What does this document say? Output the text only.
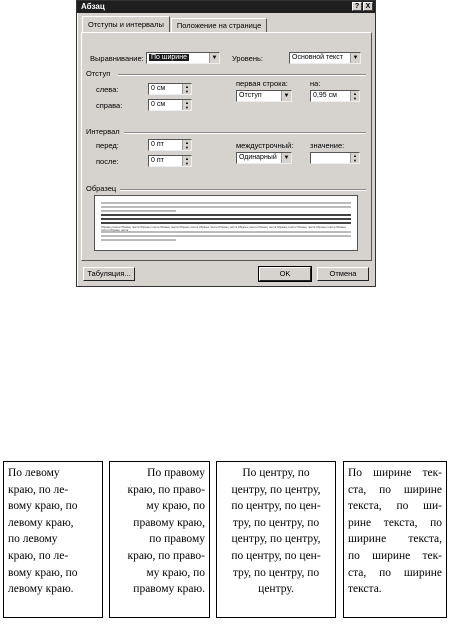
Абзац	? X
Отступы и интервалы	Положение на странице
Выравнивание:	По ширине	▼ Уровень:	Основной текст	▼
Отступ
слева:	0 см	▲
▼
справа:	0 см	▲
▼
первая строка:
Отступ	▼
на:
0,95 см	▲
▼
Интервал
перед:	0 пт	▲
▼
после:	0 пт	▲
▼
междустрочный:
Одинарный	▼
значение:
▲
▼
Образец
Образец текста Образец текста Образец текста Образец текста Образец текста Образец текста Образец текста Образец текста Образец текста Образец текста Образец текста Образец текста Образец текста Образец текста
Табуляция...	OK	Отмена
По левому
краю, по ле-
вому краю, по
левому краю,
по левому
краю, по ле-
вому краю, по
левому краю.
По правому
краю, по право-
му краю, по
правому краю,
по правому
краю, по право-
му краю, по
правому краю.
По центру, по
центру, по центру,
по центру, по цен-
тру, по центру, по
центру, по центру,
по центру, по цен-
тру, по центру, по
центру.
По ширине тек-
ста, по ширине
текста, по ши-
рине текста, по
ширине текста,
по ширине тек-
ста, по ширине
текста.
